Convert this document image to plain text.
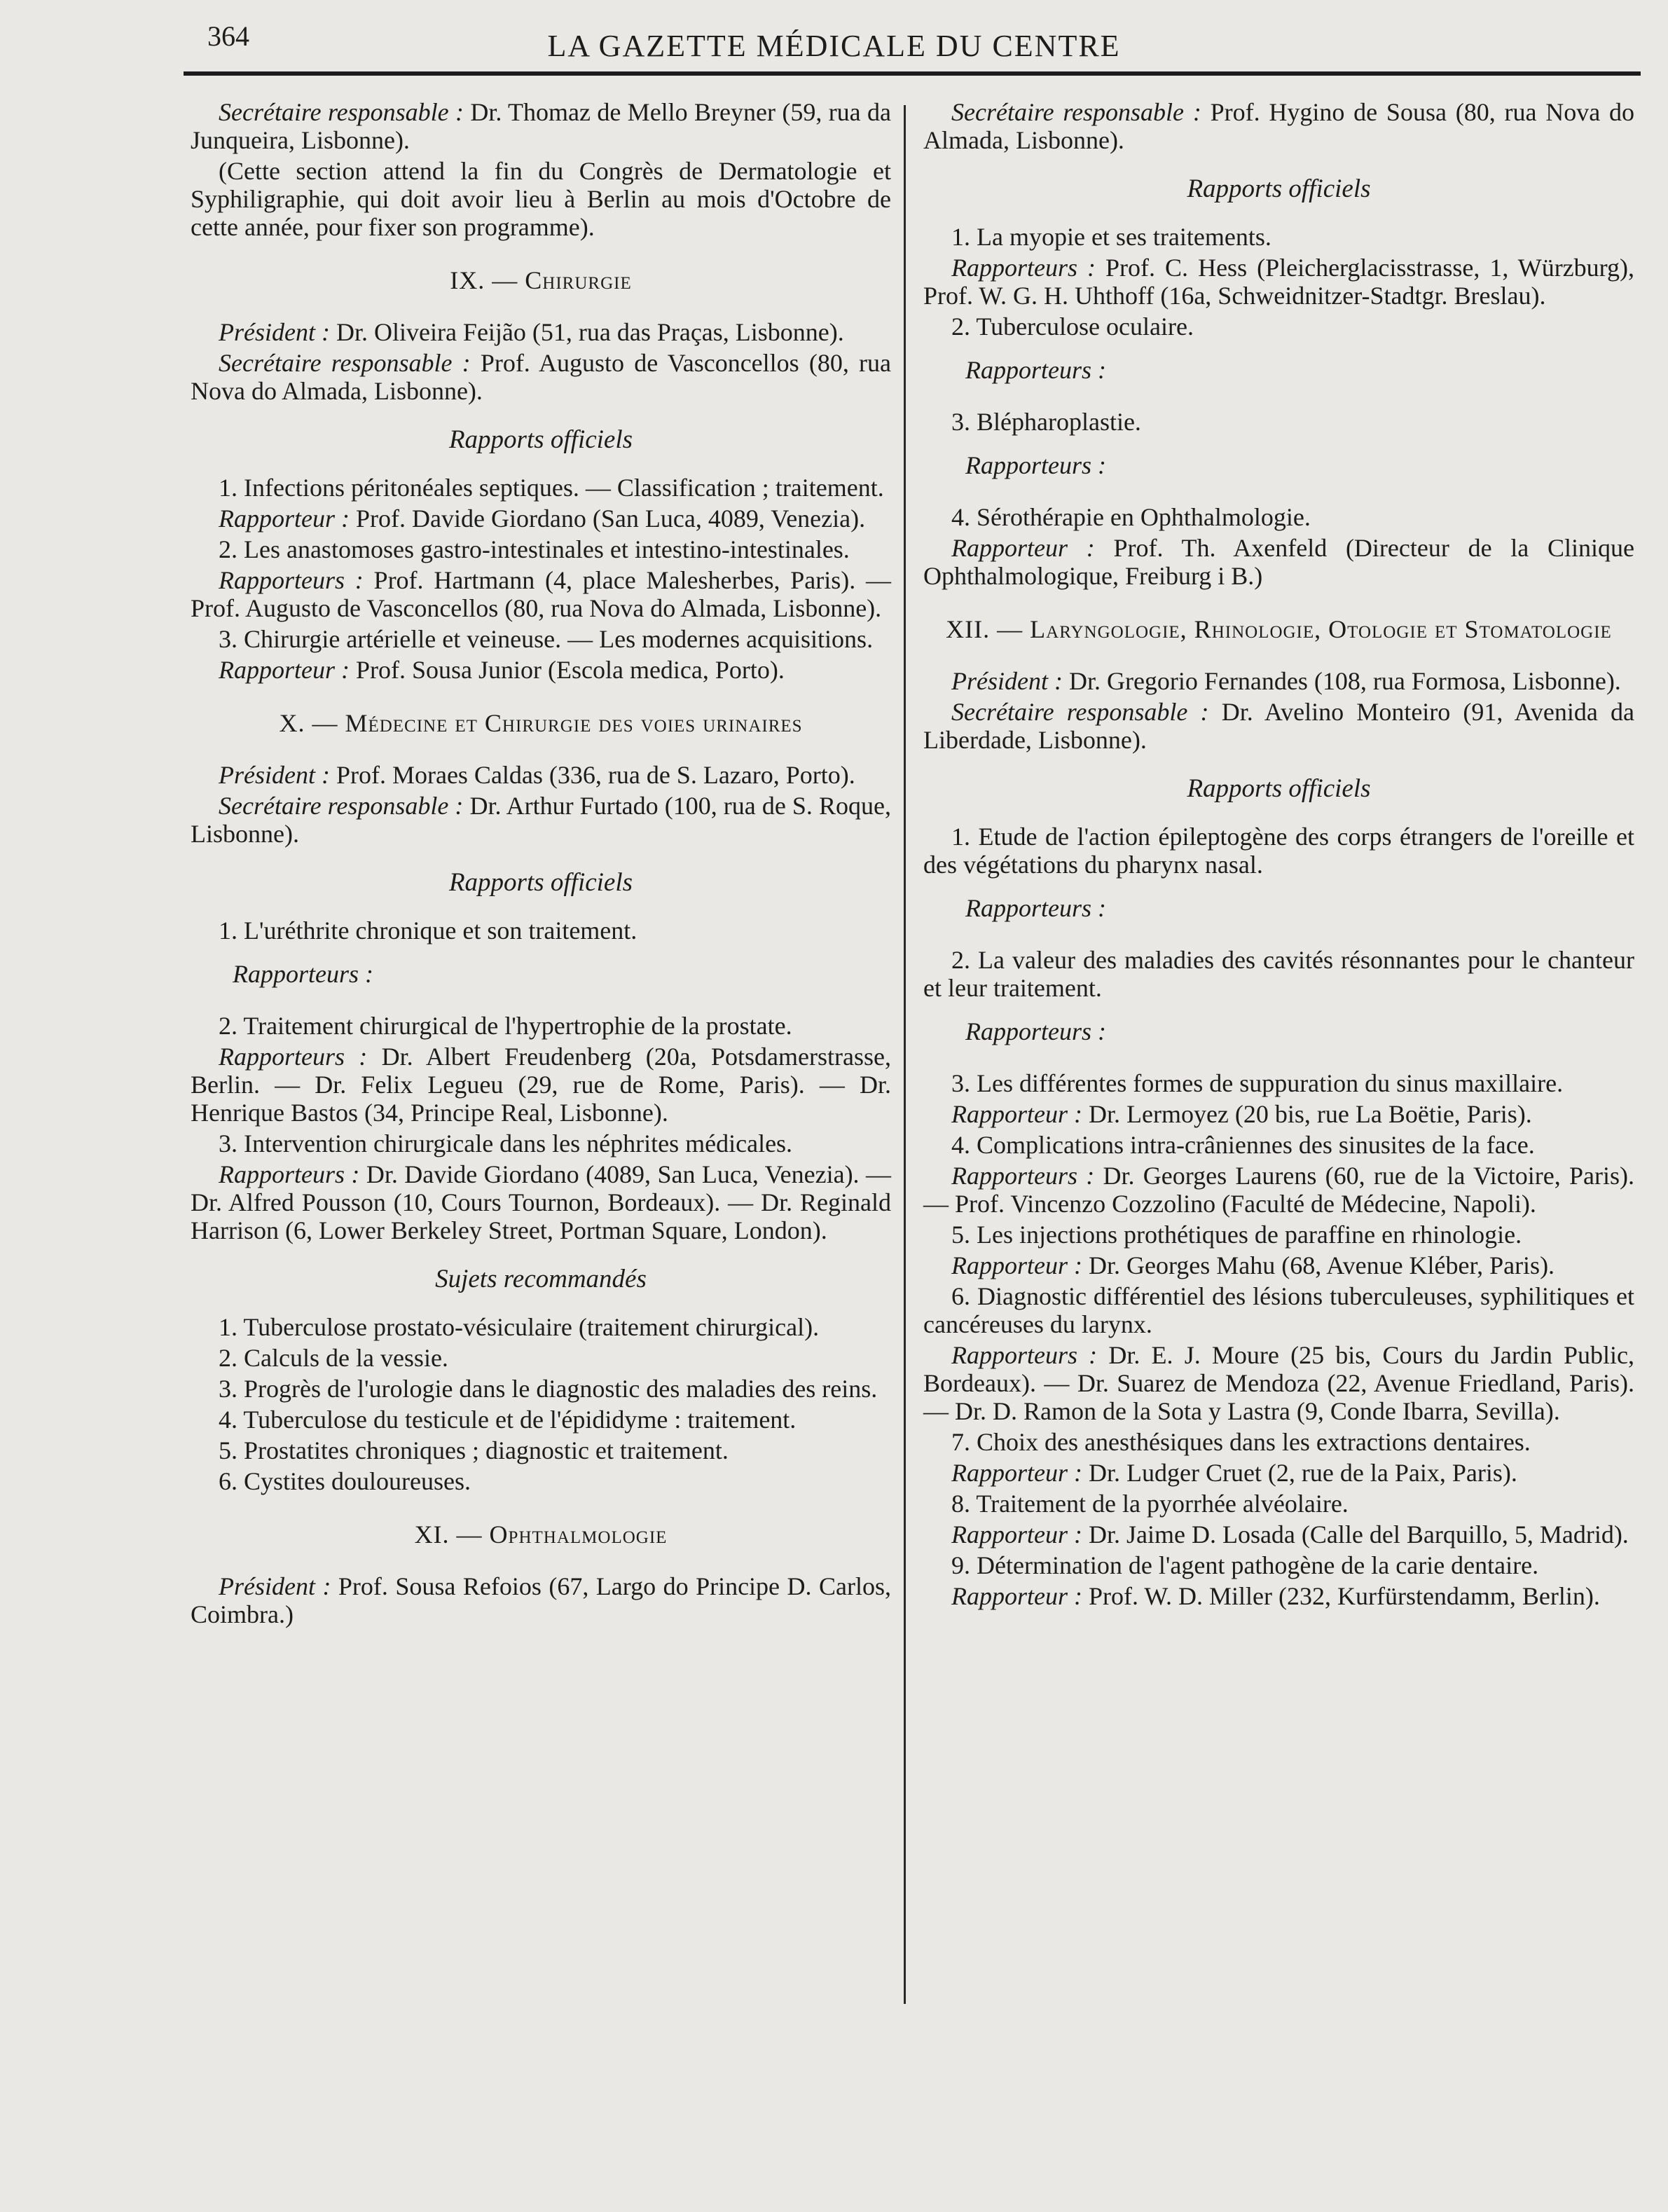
364	LA GAZETTE MÉDICALE DU CENTRE

Secrétaire responsable : Dr. Thomaz de Mello Breyner (59, rua da Junqueira, Lisbonne).

(Cette section attend la fin du Congrès de Dermatologie et Syphiligraphie, qui doit avoir lieu à Berlin au mois d'Octobre de cette année, pour fixer son programme).

IX. — Chirurgie

Président : Dr. Oliveira Feijão (51, rua das Praças, Lisbonne).

Secrétaire responsable : Prof. Augusto de Vasconcellos (80, rua Nova do Almada, Lisbonne).

Rapports officiels

1. Infections péritonéales septiques. — Classification ; traitement.

Rapporteur : Prof. Davide Giordano (San Luca, 4089, Venezia).

2. Les anastomoses gastro-intestinales et intestino-intestinales.

Rapporteurs : Prof. Hartmann (4, place Malesherbes, Paris). — Prof. Augusto de Vasconcellos (80, rua Nova do Almada, Lisbonne).

3. Chirurgie artérielle et veineuse. — Les modernes acquisitions.

Rapporteur : Prof. Sousa Junior (Escola medica, Porto).

X. — Médecine et Chirurgie des voies urinaires

Président : Prof. Moraes Caldas (336, rua de S. Lazaro, Porto).

Secrétaire responsable : Dr. Arthur Furtado (100, rua de S. Roque, Lisbonne).

Rapports officiels

1. L'uréthrite chronique et son traitement.

Rapporteurs :

2. Traitement chirurgical de l'hypertrophie de la prostate.

Rapporteurs : Dr. Albert Freudenberg (20a, Potsdamerstrasse, Berlin. — Dr. Felix Legueu (29, rue de Rome, Paris). — Dr. Henrique Bastos (34, Principe Real, Lisbonne).

3. Intervention chirurgicale dans les néphrites médicales.

Rapporteurs : Dr. Davide Giordano (4089, San Luca, Venezia). — Dr. Alfred Pousson (10, Cours Tournon, Bordeaux). — Dr. Reginald Harrison (6, Lower Berkeley Street, Portman Square, London).

Sujets recommandés

1. Tuberculose prostato-vésiculaire (traitement chirurgical).

2. Calculs de la vessie.

3. Progrès de l'urologie dans le diagnostic des maladies des reins.

4. Tuberculose du testicule et de l'épididyme : traitement.

5. Prostatites chroniques ; diagnostic et traitement.

6. Cystites douloureuses.

XI. — Ophthalmologie

Président : Prof. Sousa Refoios (67, Largo do Principe D. Carlos, Coimbra.)

Secrétaire responsable : Prof. Hygino de Sousa (80, rua Nova do Almada, Lisbonne).

Rapports officiels

1. La myopie et ses traitements.

Rapporteurs : Prof. C. Hess (Pleicherglacisstrasse, 1, Würzburg), Prof. W. G. H. Uhthoff (16a, Schweidnitzer-Stadtgr. Breslau).

2. Tuberculose oculaire.

Rapporteurs :

3. Blépharoplastie.

Rapporteurs :

4. Sérothérapie en Ophthalmologie.

Rapporteur : Prof. Th. Axenfeld (Directeur de la Clinique Ophthalmologique, Freiburg i B.)

XII. — Laryngologie, Rhinologie, Otologie et Stomatologie

Président : Dr. Gregorio Fernandes (108, rua Formosa, Lisbonne).

Secrétaire responsable : Dr. Avelino Monteiro (91, Avenida da Liberdade, Lisbonne).

Rapports officiels

1. Etude de l'action épileptogène des corps étrangers de l'oreille et des végétations du pharynx nasal.

Rapporteurs :

2. La valeur des maladies des cavités résonnantes pour le chanteur et leur traitement.

Rapporteurs :

3. Les différentes formes de suppuration du sinus maxillaire.

Rapporteur : Dr. Lermoyez (20 bis, rue La Boëtie, Paris).

4. Complications intra-crâniennes des sinusites de la face.

Rapporteurs : Dr. Georges Laurens (60, rue de la Victoire, Paris). — Prof. Vincenzo Cozzolino (Faculté de Médecine, Napoli).

5. Les injections prothétiques de paraffine en rhinologie.

Rapporteur : Dr. Georges Mahu (68, Avenue Kléber, Paris).

6. Diagnostic différentiel des lésions tuberculeuses, syphilitiques et cancéreuses du larynx.

Rapporteurs : Dr. E. J. Moure (25 bis, Cours du Jardin Public, Bordeaux). — Dr. Suarez de Mendoza (22, Avenue Friedland, Paris). — Dr. D. Ramon de la Sota y Lastra (9, Conde Ibarra, Sevilla).

7. Choix des anesthésiques dans les extractions dentaires.

Rapporteur : Dr. Ludger Cruet (2, rue de la Paix, Paris).

8. Traitement de la pyorrhée alvéolaire.

Rapporteur : Dr. Jaime D. Losada (Calle del Barquillo, 5, Madrid).

9. Détermination de l'agent pathogène de la carie dentaire.

Rapporteur : Prof. W. D. Miller (232, Kurfürstendamm, Berlin).
